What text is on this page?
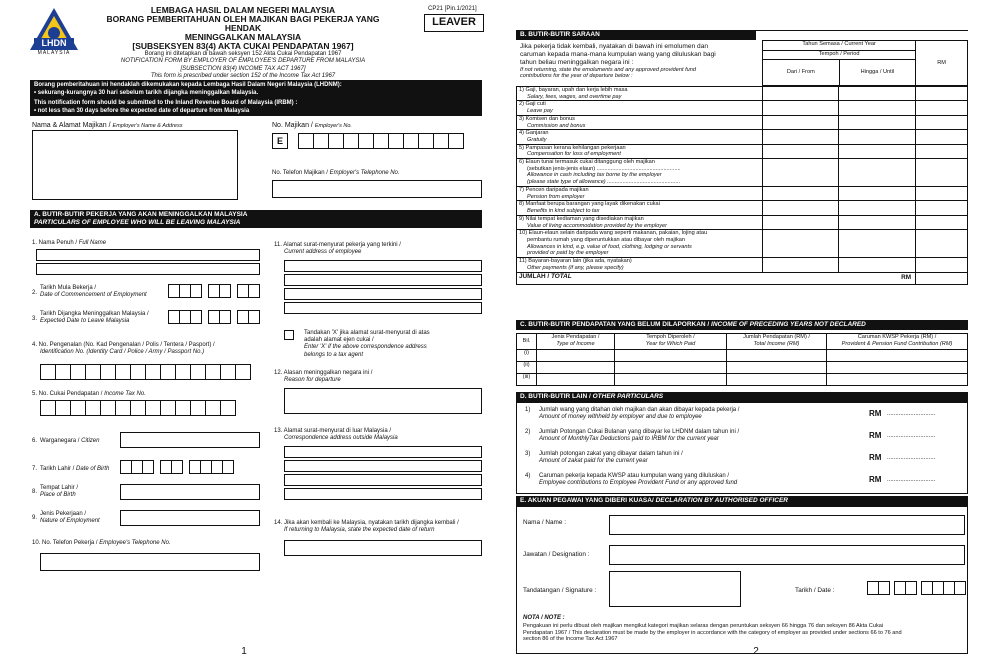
LHDN
MALAYSIA
LEMBAGA HASIL DALAM NEGERI MALAYSIA
BORANG PEMBERITAHUAN OLEH MAJIKAN BAGI PEKERJA YANG HENDAK
MENINGGALKAN MALAYSIA
[SUBSEKSYEN 83(4) AKTA CUKAI PENDAPATAN 1967]
Borang ini ditetapkan di bawah seksyen 152 Akta Cukai Pendapatan 1967
NOTIFICATION FORM BY EMPLOYER OF EMPLOYEE'S DEPARTURE FROM MALAYSIA
[SUBSECTION 83(4) INCOME TAX ACT 1967]
This form is prescribed under section 152 of the Income Tax Act 1967
CP21 [Pin.1/2021]
LEAVER
Borang pemberitahuan ini hendaklah dikemukakan kepada Lembaga Hasil Dalam Negeri Malaysia (LHDNM):
• sekurang-kurangnya 30 hari sebelum tarikh dijangka meninggalkan Malaysia.
This notification form should be submitted to the Inland Revenue Board of Malaysia (IRBM) :
• not less than 30 days before the expected date of departure from Malaysia
Nama & Alamat Majikan / Employer's Name & Address	No. Majikan / Employer's No.
E
No. Telefon Majikan / Employer's Telephone No.
A. BUTIR-BUTIR PEKERJA YANG AKAN MENINGGALKAN MALAYSIA
PARTICULARS OF EMPLOYEE WHO WILL BE LEAVING MALAYSIA
1. Nama Penuh / Full Name
2.
Tarikh Mula Bekerja /
Date of Commencement of Employment
3.
Tarikh Dijangka Meninggalkan Malaysia /
Expected Date to Leave Malaysia
4. No. Pengenalan (No. Kad Pengenalan / Polis / Tentera / Pasport) /
Identification No. (Identity Card / Police / Army / Passport No.)
5. No. Cukai Pendapatan / Income Tax No.
6. Warganegara / Citizen
7. Tarikh Lahir / Date of Birth
8.
Tempat Lahir /
Place of Birth
9.
Jenis Pekerjaan /
Nature of Employment
10. No. Telefon Pekerja / Employee's Telephone No.
11. Alamat surat-menyurat pekerja yang terkini /
Current address of employee
Tandakan 'X' jika alamat surat-menyurat di atas
adalah alamat ejen cukai /
Enter 'X' if the above correspondence address
belongs to a tax agent
12. Alasan meninggalkan negara ini /
Reason for departure
13. Alamat surat-menyurat di luar Malaysia /
Correspondence address outside Malaysia
14. Jika akan kembali ke Malaysia, nyatakan tarikh dijangka kembali /
If returning to Malaysia, state the expected date of return
1
B. BUTIR-BUTIR SARAAN
Jika pekerja tidak kembali, nyatakan di bawah ini emolumen dan
caruman kepada mana-mana kumpulan wang yang diluluskan bagi
tahun beliau meninggalkan negara ini :
If not returning, state the emoluments and any approved provident fund
contributions for the year of departure below :
Tahun Semasa / Current Year		RM
Tempoh / Period		
Dari / From	Hingga / Until	
1) Gaji, bayaran, upah dan kerja lebih masa
Salary, fees, wages, and overtime pay			

2) Gaji cuti
Leave pay			

3) Komisen dan bonus
Commission and bonus			

4) Ganjaran
Gratuity			

5) Pampasan kerana kehilangan pekerjaan
Compensation for loss of employment			

6) Elaun tunai termasuk cukai ditanggung oleh majikan
(sebutkan jenis-jenis elaun) ......................................................
Allowance in cash including tax borne by the employer
(please state type of allowance) ...............................................			

7) Pencen daripada majikan
Pension from employer			

8) Manfaat berupa barangan yang layak dikenakan cukai
Benefits in kind subject to tax			

9) Nilai tempat kediaman yang disediakan majikan
Value of living accommodation provided by the employer			

10) Elaun-elaun selain daripada wang seperti makanan, pakaian, lojing atau
pembantu rumah yang diperuntukkan atau dibayar oleh majikan
Allowances in kind, e.g. value of food, clothing, lodging or servants
provided or paid by the employer			

11) Bayaran-bayaran lain (jika ada, nyatakan)
Other payments (if any, please specify)			

JUMLAH / TOTAL RM			

C. BUTIR-BUTIR PENDAPATAN YANG BELUM DILAPORKAN / INCOME OF PRECEDING YEARS NOT DECLARED
Bil.	Jenis Pendapatan /
Type of Income	Tempoh Diperoleh /
Year for Which Paid	Jumlah Pendapatan (RM) /
Total Income (RM)	Caruman KWSP Pekerja (RM) /
Provident & Pension Fund Contribution (RM)
(i)				
(ii)				
(iii)				
D. BUTIR-BUTIR LAIN / OTHER PARTICULARS
1) Jumlah wang yang ditahan oleh majikan dan akan dibayar kepada pekerja /
Amount of money withheld by employer and due to employee	RM .............................
2) Jumlah Potongan Cukai Bulanan yang dibayar ke LHDNM dalam tahun ini /
Amount of MonthlyTax Deductions paid to IRBM for the current year	RM .............................
3) Jumlah potongan zakat yang dibayar dalam tahun ini /
Amount of zakat paid for the current year	RM .............................
4) Caruman pekerja kepada KWSP atau kumpulan wang yang diluluskan /
Employee contributions to Employee Provident Fund or any approved fund	RM .............................
E. AKUAN PEGAWAI YANG DIBERI KUASA/ DECLARATION BY AUTHORISED OFFICER
Nama / Name :
Jawatan / Designation :
Tandatangan / Signature :	Tarikh / Date :
NOTA / NOTE :
Pengakuan ini perlu dibuat oleh majikan mengikut kategori majikan selaras dengan peruntukan seksyen 66 hingga 76 dan seksyen 86 Akta Cukai
Pendapatan 1967 / This declaration must be made by the employer in accordance with the category of employer as provided under sections 66 to 76 and
section 86 of the Income Tax Act 1967
2
